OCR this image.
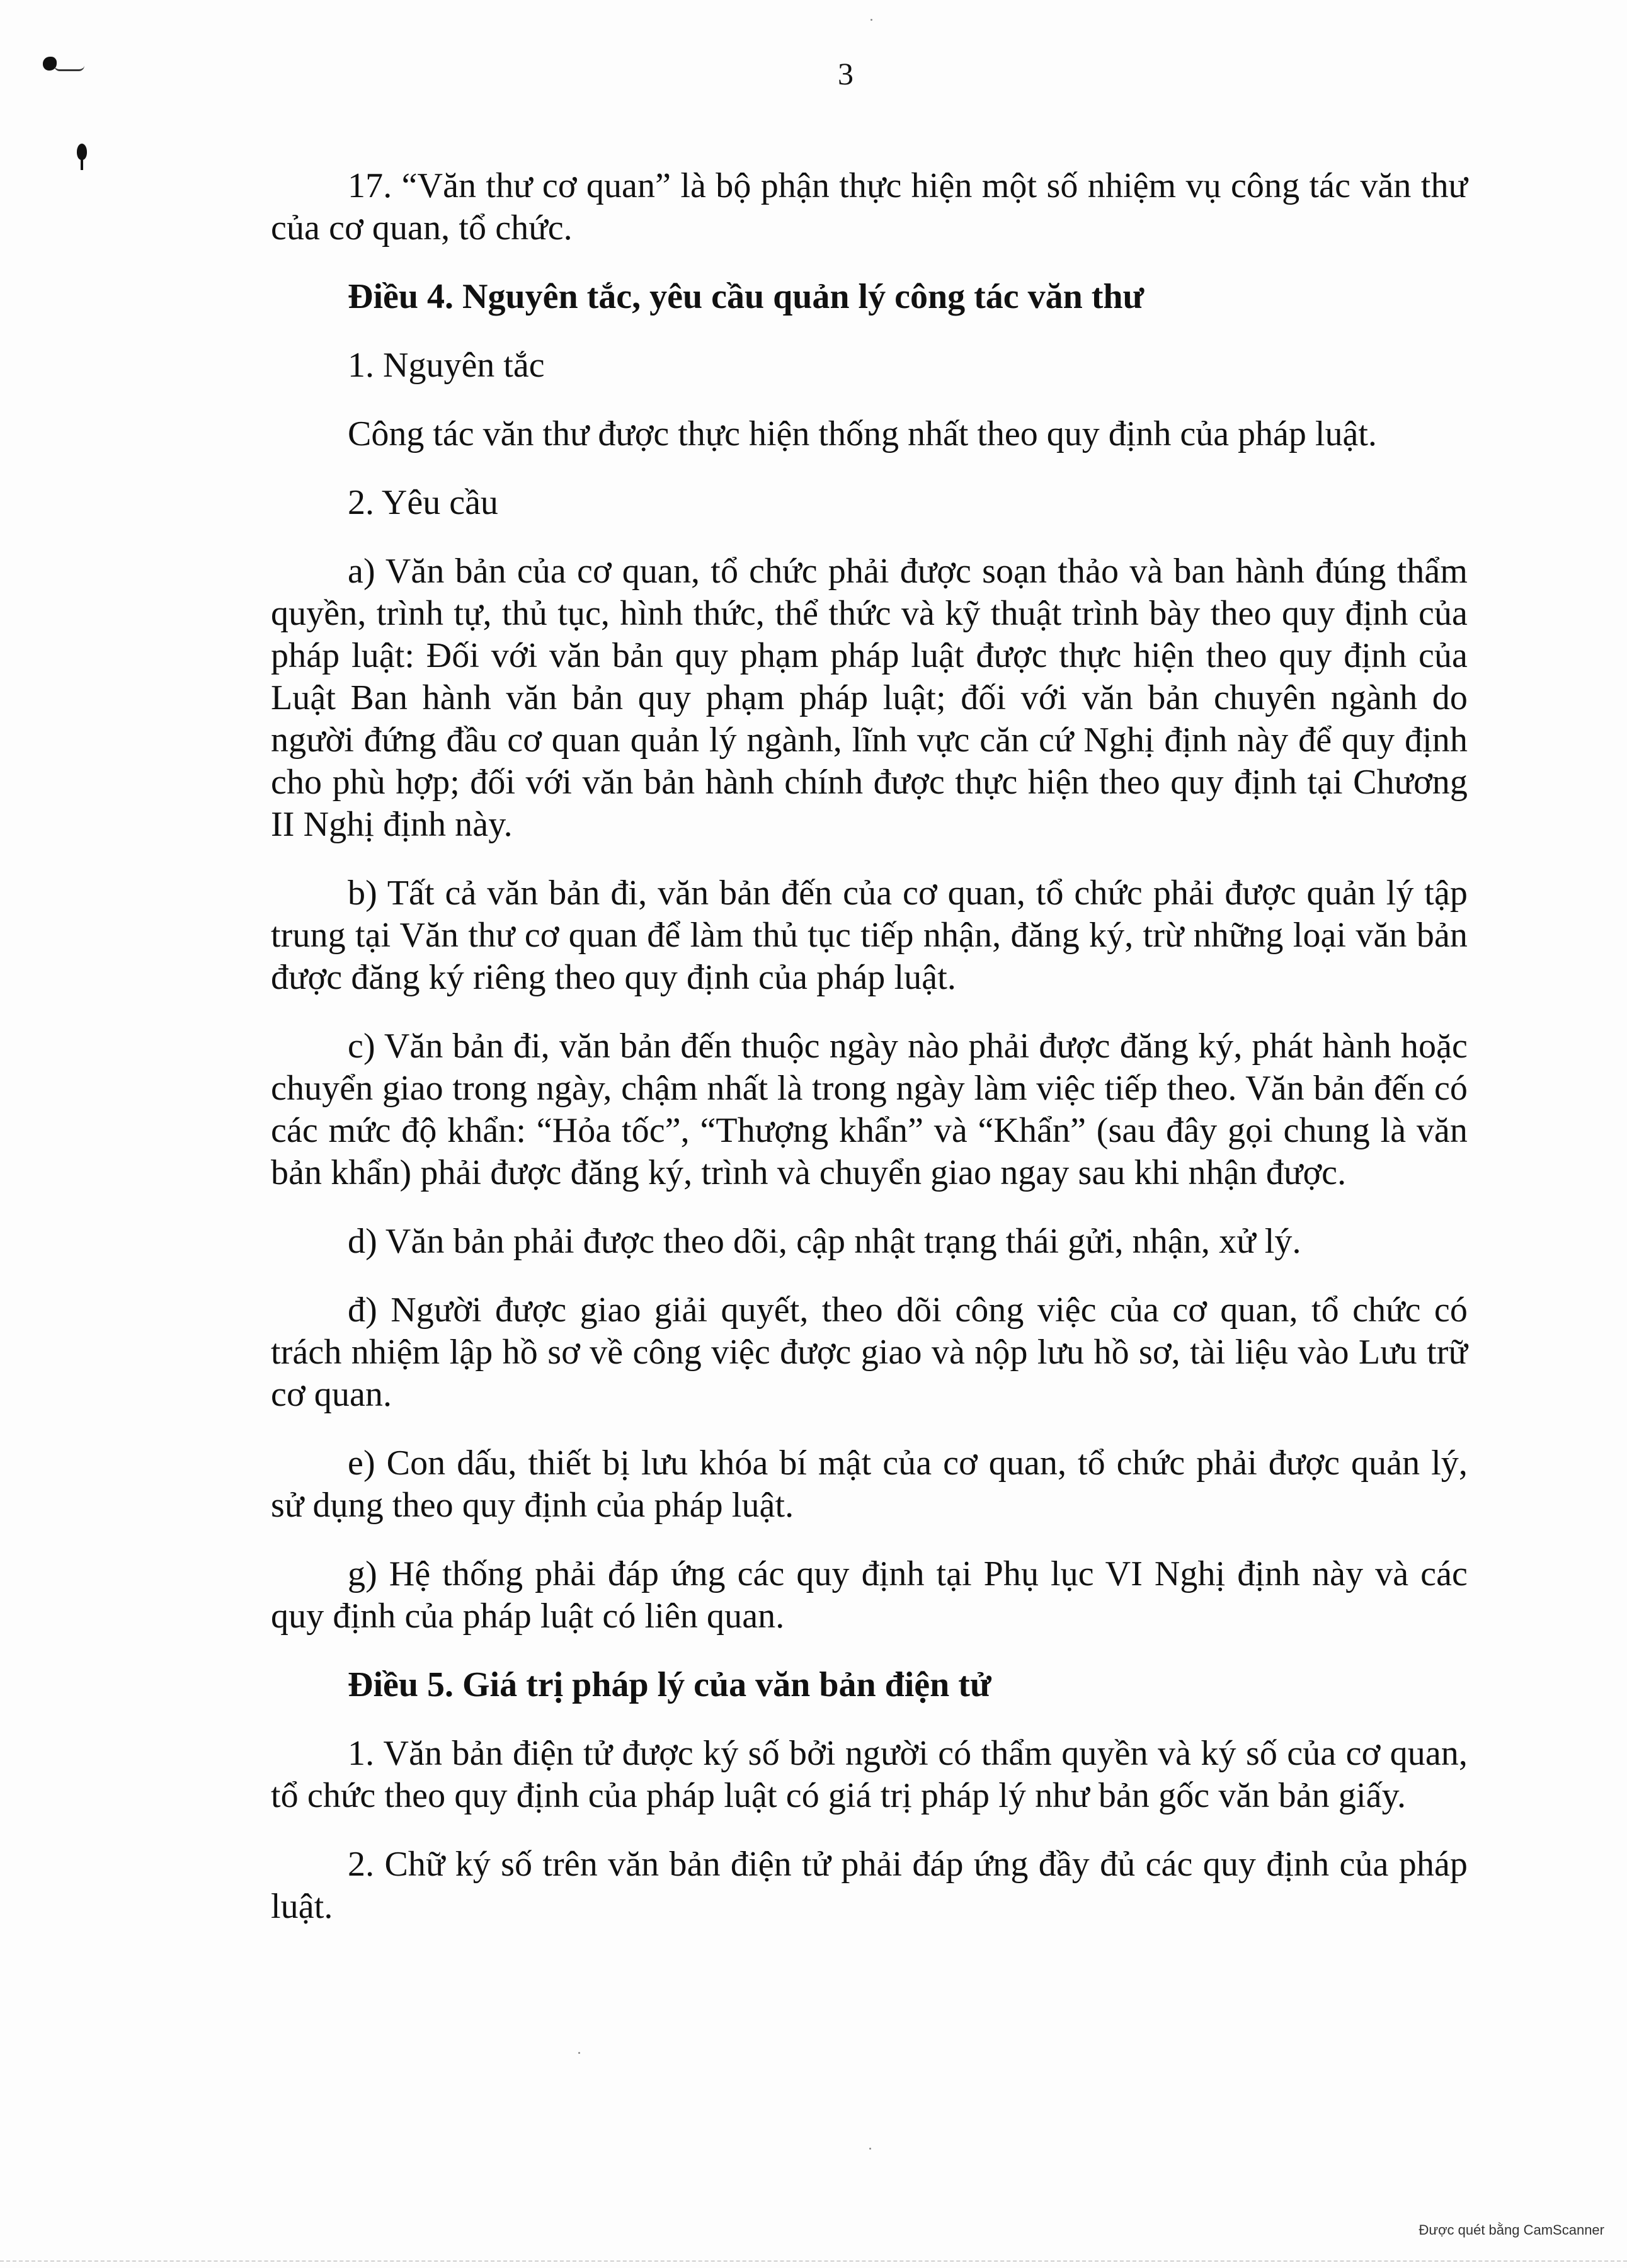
3

17. “Văn thư cơ quan” là bộ phận thực hiện một số nhiệm vụ công tác văn thư của cơ quan, tổ chức.

Điều 4. Nguyên tắc, yêu cầu quản lý công tác văn thư

1. Nguyên tắc

Công tác văn thư được thực hiện thống nhất theo quy định của pháp luật.

2. Yêu cầu

a) Văn bản của cơ quan, tổ chức phải được soạn thảo và ban hành đúng thẩm quyền, trình tự, thủ tục, hình thức, thể thức và kỹ thuật trình bày theo quy định của pháp luật: Đối với văn bản quy phạm pháp luật được thực hiện theo quy định của Luật Ban hành văn bản quy phạm pháp luật; đối với văn bản chuyên ngành do người đứng đầu cơ quan quản lý ngành, lĩnh vực căn cứ Nghị định này để quy định cho phù hợp; đối với văn bản hành chính được thực hiện theo quy định tại Chương II Nghị định này.

b) Tất cả văn bản đi, văn bản đến của cơ quan, tổ chức phải được quản lý tập trung tại Văn thư cơ quan để làm thủ tục tiếp nhận, đăng ký, trừ những loại văn bản được đăng ký riêng theo quy định của pháp luật.

c) Văn bản đi, văn bản đến thuộc ngày nào phải được đăng ký, phát hành hoặc chuyển giao trong ngày, chậm nhất là trong ngày làm việc tiếp theo. Văn bản đến có các mức độ khẩn: “Hỏa tốc”, “Thượng khẩn” và “Khẩn” (sau đây gọi chung là văn bản khẩn) phải được đăng ký, trình và chuyển giao ngay sau khi nhận được.

d) Văn bản phải được theo dõi, cập nhật trạng thái gửi, nhận, xử lý.

đ) Người được giao giải quyết, theo dõi công việc của cơ quan, tổ chức có trách nhiệm lập hồ sơ về công việc được giao và nộp lưu hồ sơ, tài liệu vào Lưu trữ cơ quan.

e) Con dấu, thiết bị lưu khóa bí mật của cơ quan, tổ chức phải được quản lý, sử dụng theo quy định của pháp luật.

g) Hệ thống phải đáp ứng các quy định tại Phụ lục VI Nghị định này và các quy định của pháp luật có liên quan.

Điều 5. Giá trị pháp lý của văn bản điện tử

1. Văn bản điện tử được ký số bởi người có thẩm quyền và ký số của cơ quan, tổ chức theo quy định của pháp luật có giá trị pháp lý như bản gốc văn bản giấy.

2. Chữ ký số trên văn bản điện tử phải đáp ứng đầy đủ các quy định của pháp luật.

Được quét bằng CamScanner
